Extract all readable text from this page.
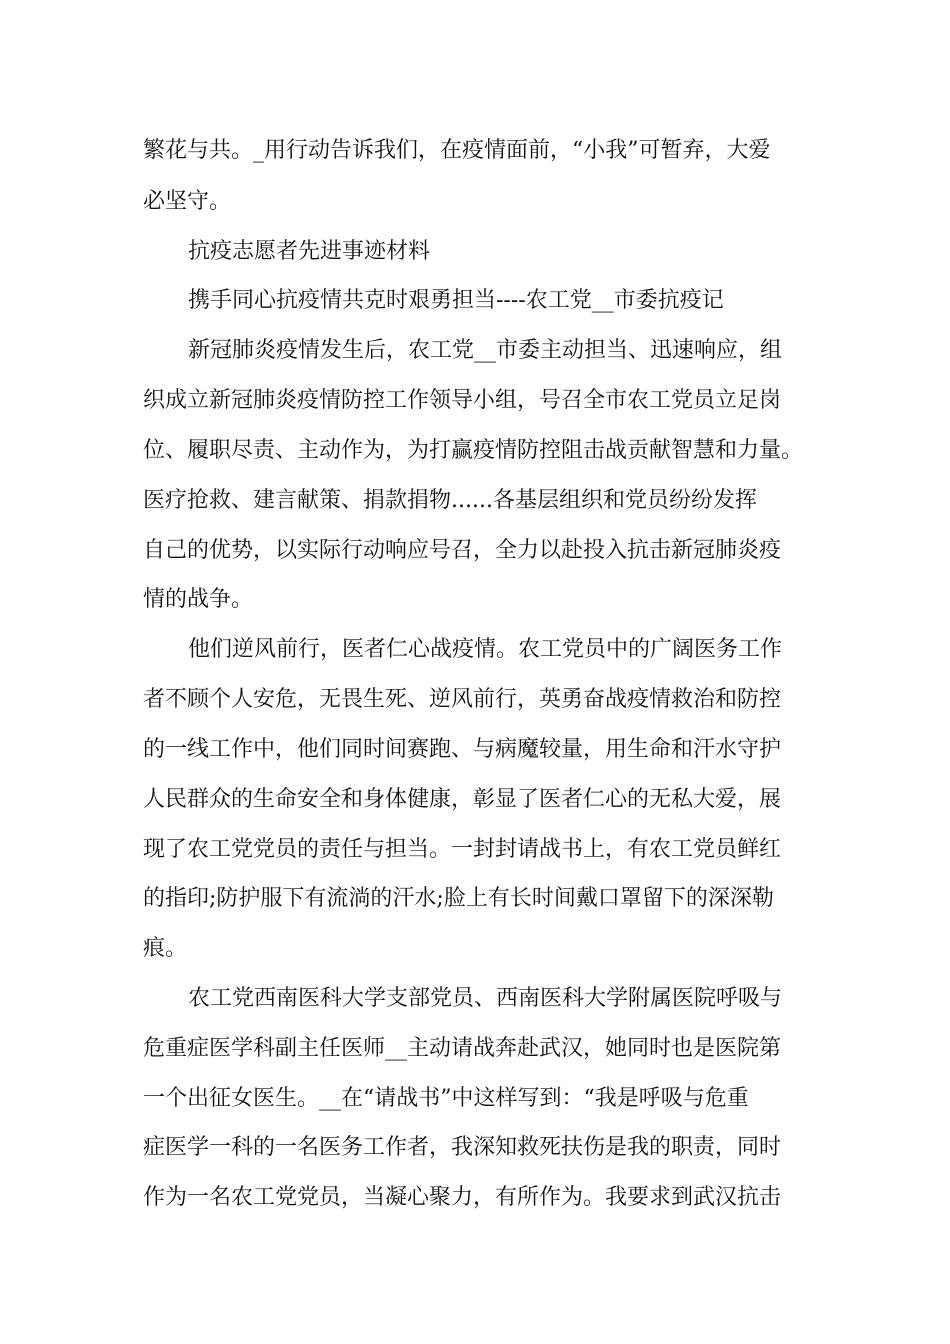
繁花与共。_用行动告诉我们，在疫情面前，“小我”可暂弃，大爱
必坚守。
抗疫志愿者先进事迹材料
携手同心抗疫情共克时艰勇担当----农工党__市委抗疫记
新冠肺炎疫情发生后，农工党__市委主动担当、迅速响应，组
织成立新冠肺炎疫情防控工作领导小组，号召全市农工党员立足岗
位、履职尽责、主动作为，为打赢疫情防控阻击战贡献智慧和力量。
医疗抢救、建言献策、捐款捐物......各基层组织和党员纷纷发挥
自己的优势，以实际行动响应号召，全力以赴投入抗击新冠肺炎疫
情的战争。
他们逆风前行，医者仁心战疫情。农工党员中的广阔医务工作
者不顾个人安危，无畏生死、逆风前行，英勇奋战疫情救治和防控
的一线工作中，他们同时间赛跑、与病魔较量，用生命和汗水守护
人民群众的生命安全和身体健康，彰显了医者仁心的无私大爱，展
现了农工党党员的责任与担当。一封封请战书上，有农工党员鲜红
的指印;防护服下有流淌的汗水;脸上有长时间戴口罩留下的深深勒
痕。
农工党西南医科大学支部党员、西南医科大学附属医院呼吸与
危重症医学科副主任医师__主动请战奔赴武汉，她同时也是医院第
一个出征女医生。__在“请战书”中这样写到：“我是呼吸与危重
症医学一科的一名医务工作者，我深知救死扶伤是我的职责，同时
作为一名农工党党员，当凝心聚力，有所作为。我要求到武汉抗击
